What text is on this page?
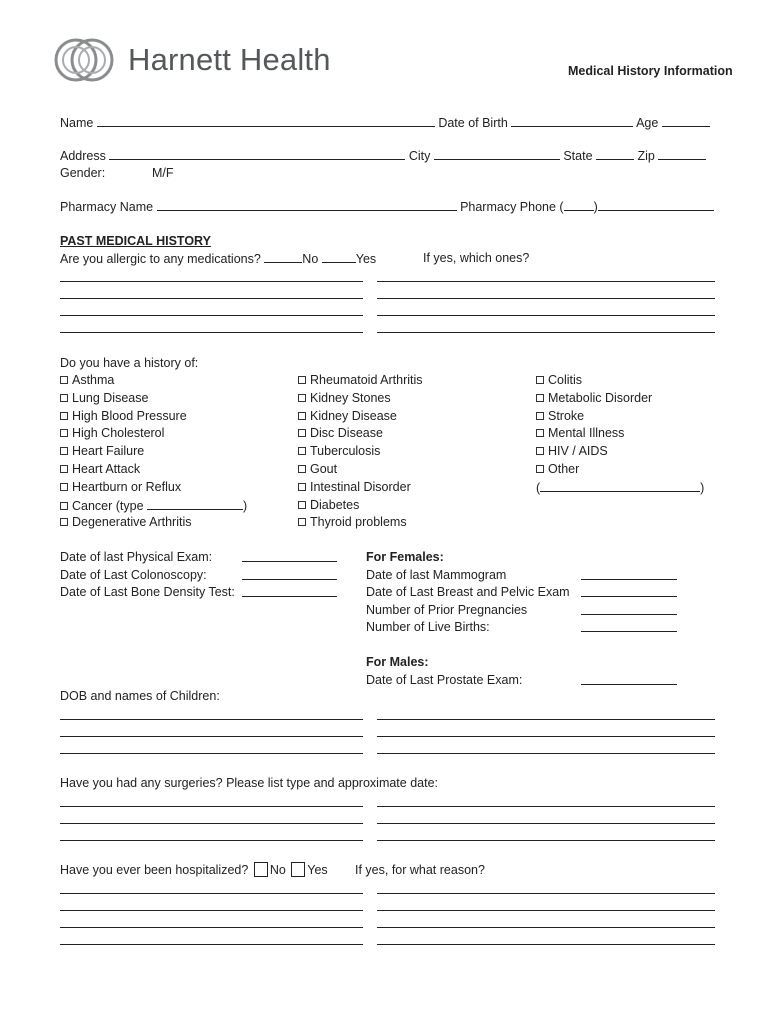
Harnett Health	Medical History Information
Name	Date of Birth	Age
Address	City	State	Zip
Gender:	M/F
Pharmacy Name	Pharmacy Phone ( )
PAST MEDICAL HISTORY
Are you allergic to any medications?	No	Yes	If yes, which ones?
Do you have a history of:
Asthma
Lung Disease
High Blood Pressure
High Cholesterol
Heart Failure
Heart Attack
Heartburn or Reflux
Cancer (type	)
Degenerative Arthritis
Rheumatoid Arthritis
Kidney Stones
Kidney Disease
Disc Disease
Tuberculosis
Gout
Intestinal Disorder
Diabetes
Thyroid problems
Colitis
Metabolic Disorder
Stroke
Mental Illness
HIV / AIDS
Other
(	)
Date of last Physical Exam:
Date of Last Colonoscopy:
Date of Last Bone Density Test:
For Females:
Date of last Mammogram
Date of Last Breast and Pelvic Exam
Number of Prior Pregnancies
Number of Live Births:
For Males:
Date of Last Prostate Exam:
DOB and names of Children:
Have you had any surgeries? Please list type and approximate date:
Have you ever been hospitalized? No Yes If yes, for what reason?
